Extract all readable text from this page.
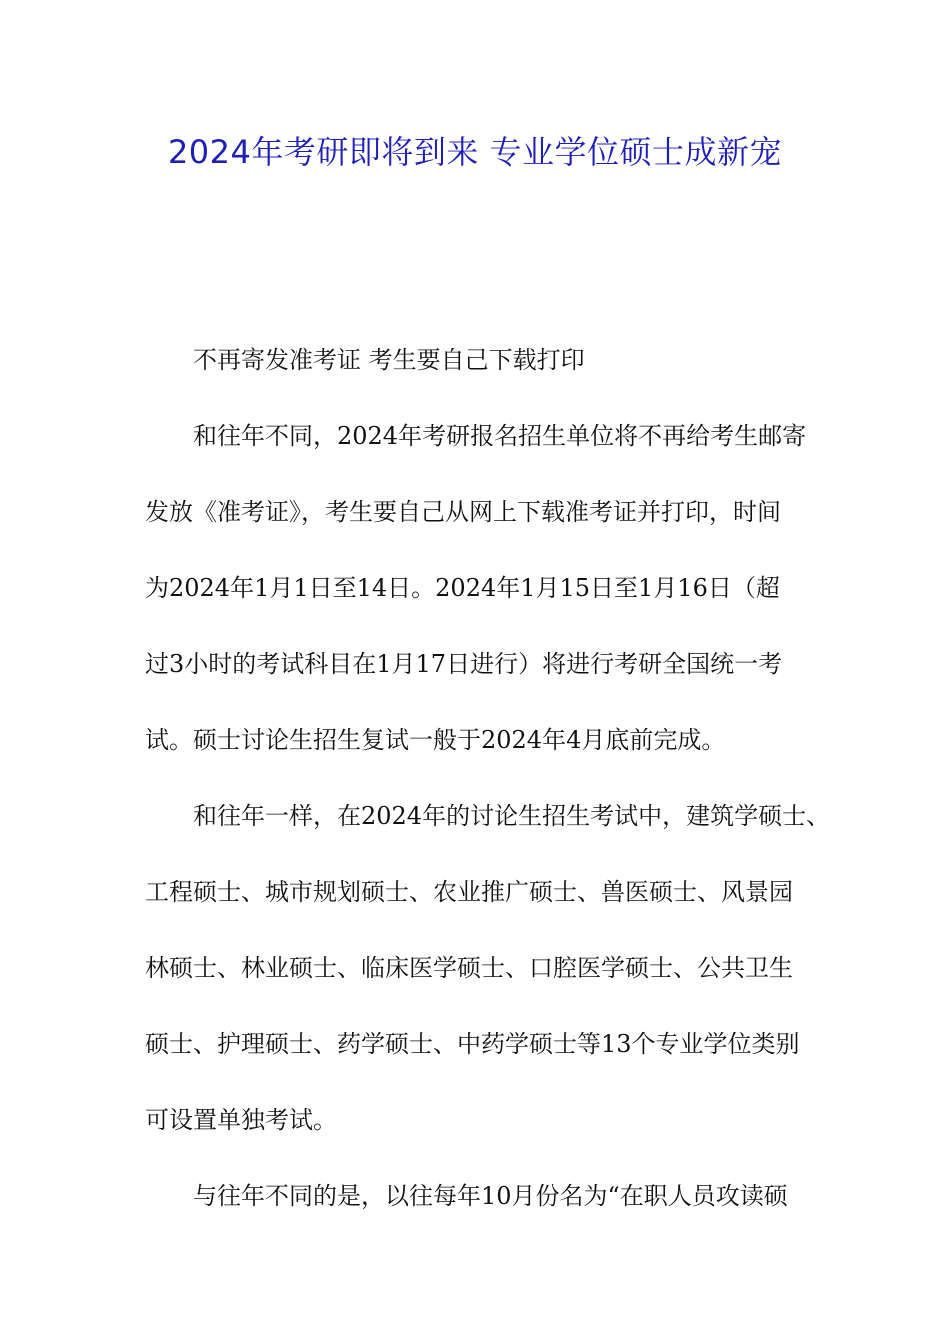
2024年考研即将到来 专业学位硕士成新宠
不再寄发准考证 考生要自己下载打印
和往年不同，2024年考研报名招生单位将不再给考生邮寄
发放《准考证》，考生要自己从网上下载准考证并打印，时间
为2024年1月1日至14日。2024年1月15日至1月16日（超
过3小时的考试科目在1月17日进行）将进行考研全国统一考
试。硕士讨论生招生复试一般于2024年4月底前完成。
和往年一样，在2024年的讨论生招生考试中，建筑学硕士、
工程硕士、城市规划硕士、农业推广硕士、兽医硕士、风景园
林硕士、林业硕士、临床医学硕士、口腔医学硕士、公共卫生
硕士、护理硕士、药学硕士、中药学硕士等13个专业学位类别
可设置单独考试。
与往年不同的是，以往每年10月份名为“在职人员攻读硕
